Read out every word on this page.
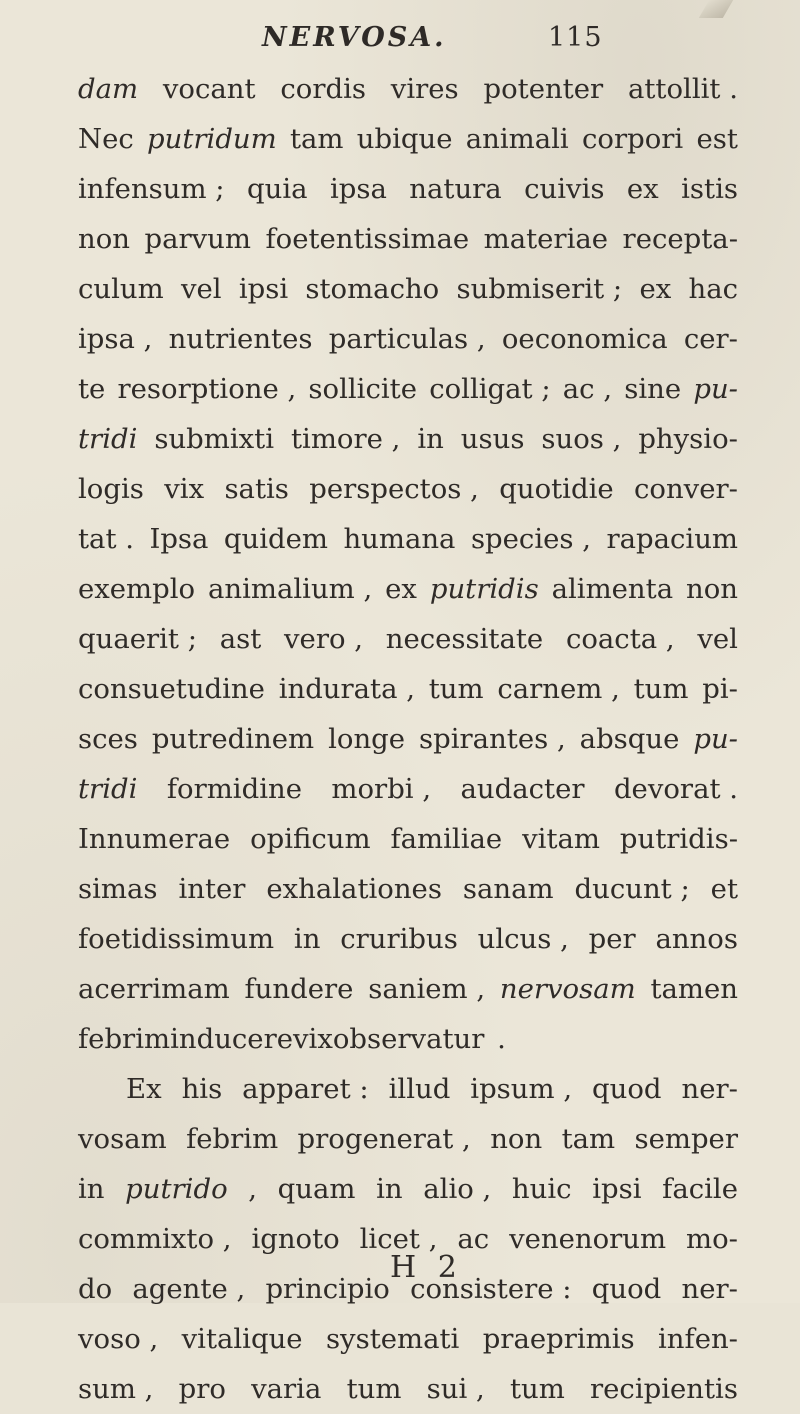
NERVOSA.	115
dam vocant cordis vires potenter attollit .
Nec putridum tam ubique animali corpori est
infensum ; quia ipsa natura cuivis ex istis
non parvum foetentissimae materiae recepta-
culum vel ipsi stomacho submiserit ; ex hac
ipsa , nutrientes particulas , oeconomica cer-
te resorptione , sollicite colligat ; ac , sine pu-
tridi submixti timore , in usus suos , physio-
logis vix satis perspectos , quotidie conver-
tat . Ipsa quidem humana species , rapacium
exemplo animalium , ex putridis alimenta non
quaerit ; ast vero , necessitate coacta , vel
consuetudine indurata , tum carnem , tum pi-
sces putredinem longe spirantes , absque pu-
tridi formidine morbi , audacter devorat .
Innumerae opificum familiae vitam putridis-
simas inter exhalationes sanam ducunt ; et
foetidissimum in cruribus ulcus , per annos
acerrimam fundere saniem , nervosam tamen
febrim inducere vix observatur .
Ex his apparet : illud ipsum , quod ner-
vosam febrim progenerat , non tam semper
in putrido , quam in alio , huic ipsi facile
commixto , ignoto licet , ac venenorum mo-
do agente , principio consistere : quod ner-
voso , vitalique systemati praeprimis infen-
sum , pro varia tum sui , tum recipientis
H 2
